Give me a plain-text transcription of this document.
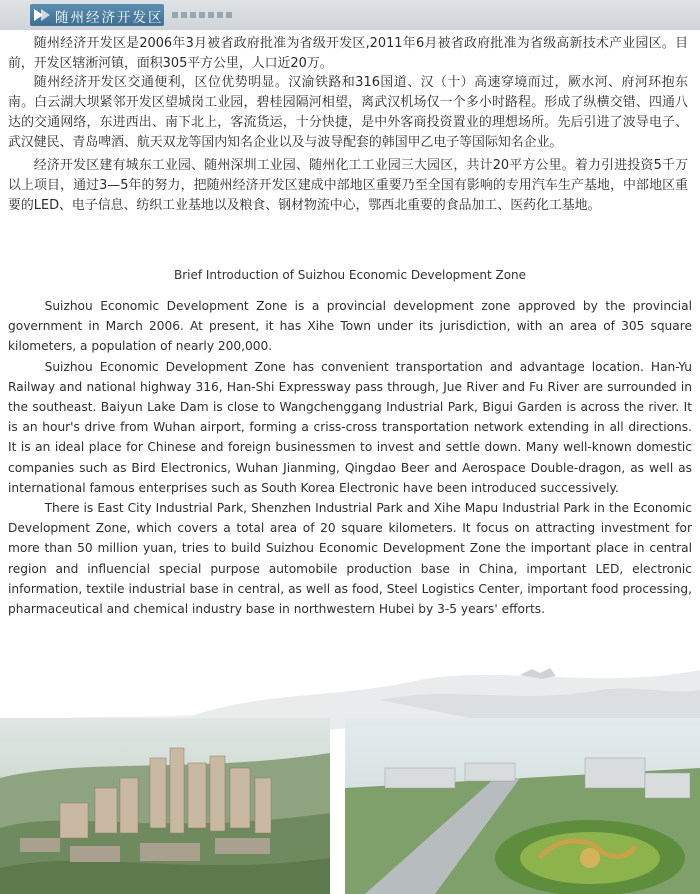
随州经济开发区

随州经济开发区是2006年3月被省政府批准为省级开发区,2011年6月被省政府批准为省级高新技术产业园区。目前，开发区辖淅河镇，面积305平方公里，人口近20万。

随州经济开发区交通便利，区位优势明显。汉渝铁路和316国道、汉（十）高速穿境而过，厥水河、府河环抱东南。白云湖大坝紧邻开发区望城岗工业园，碧桂园隔河相望，离武汉机场仅一个多小时路程。形成了纵横交错、四通八达的交通网络，东进西出、南下北上，客流货运，十分快捷，是中外客商投资置业的理想场所。先后引进了波导电子、武汉健民、青岛啤酒、航天双龙等国内知名企业以及与波导配套的韩国甲乙电子等国际知名企业。

经济开发区建有城东工业园、随州深圳工业园、随州化工工业园三大园区，共计20平方公里。着力引进投资5千万以上项目，通过3—5年的努力，把随州经济开发区建成中部地区重要乃至全国有影响的专用汽车生产基地，中部地区重要的LED、电子信息、纺织工业基地以及粮食、钢材物流中心，鄂西北重要的食品加工、医药化工基地。

Brief Introduction of Suizhou Economic Development Zone

Suizhou Economic Development Zone is a provincial development zone approved by the provincial government in March 2006. At present, it has Xihe Town under its jurisdiction, with an area of 305 square kilometers, a population of nearly 200,000.

Suizhou Economic Development Zone has convenient transportation and advantage location. Han-Yu Railway and national highway 316, Han-Shi Expressway pass through, Jue River and Fu River are surrounded in the southeast. Baiyun Lake Dam is close to Wangchenggang Industrial Park, Bigui Garden is across the river. It is an hour's drive from Wuhan airport, forming a criss-cross transportation network extending in all directions. It is an ideal place for Chinese and foreign businessmen to invest and settle down. Many well-known domestic companies such as Bird Electronics, Wuhan Jianming, Qingdao Beer and Aerospace Double-dragon, as well as international famous enterprises such as South Korea Electronic have been introduced successively.

There is East City Industrial Park, Shenzhen Industrial Park and Xihe Mapu Industrial Park in the Economic Development Zone, which covers a total area of 20 square kilometers. It focus on attracting investment for more than 50 million yuan, tries to build Suizhou Economic Development Zone the important place in central region and influencial special purpose automobile production base in China, important LED, electronic information, textile industrial base in central, as well as food, Steel Logistics Center, important food processing, pharmaceutical and chemical industry base in northwestern Hubei by 3-5 years' efforts.
